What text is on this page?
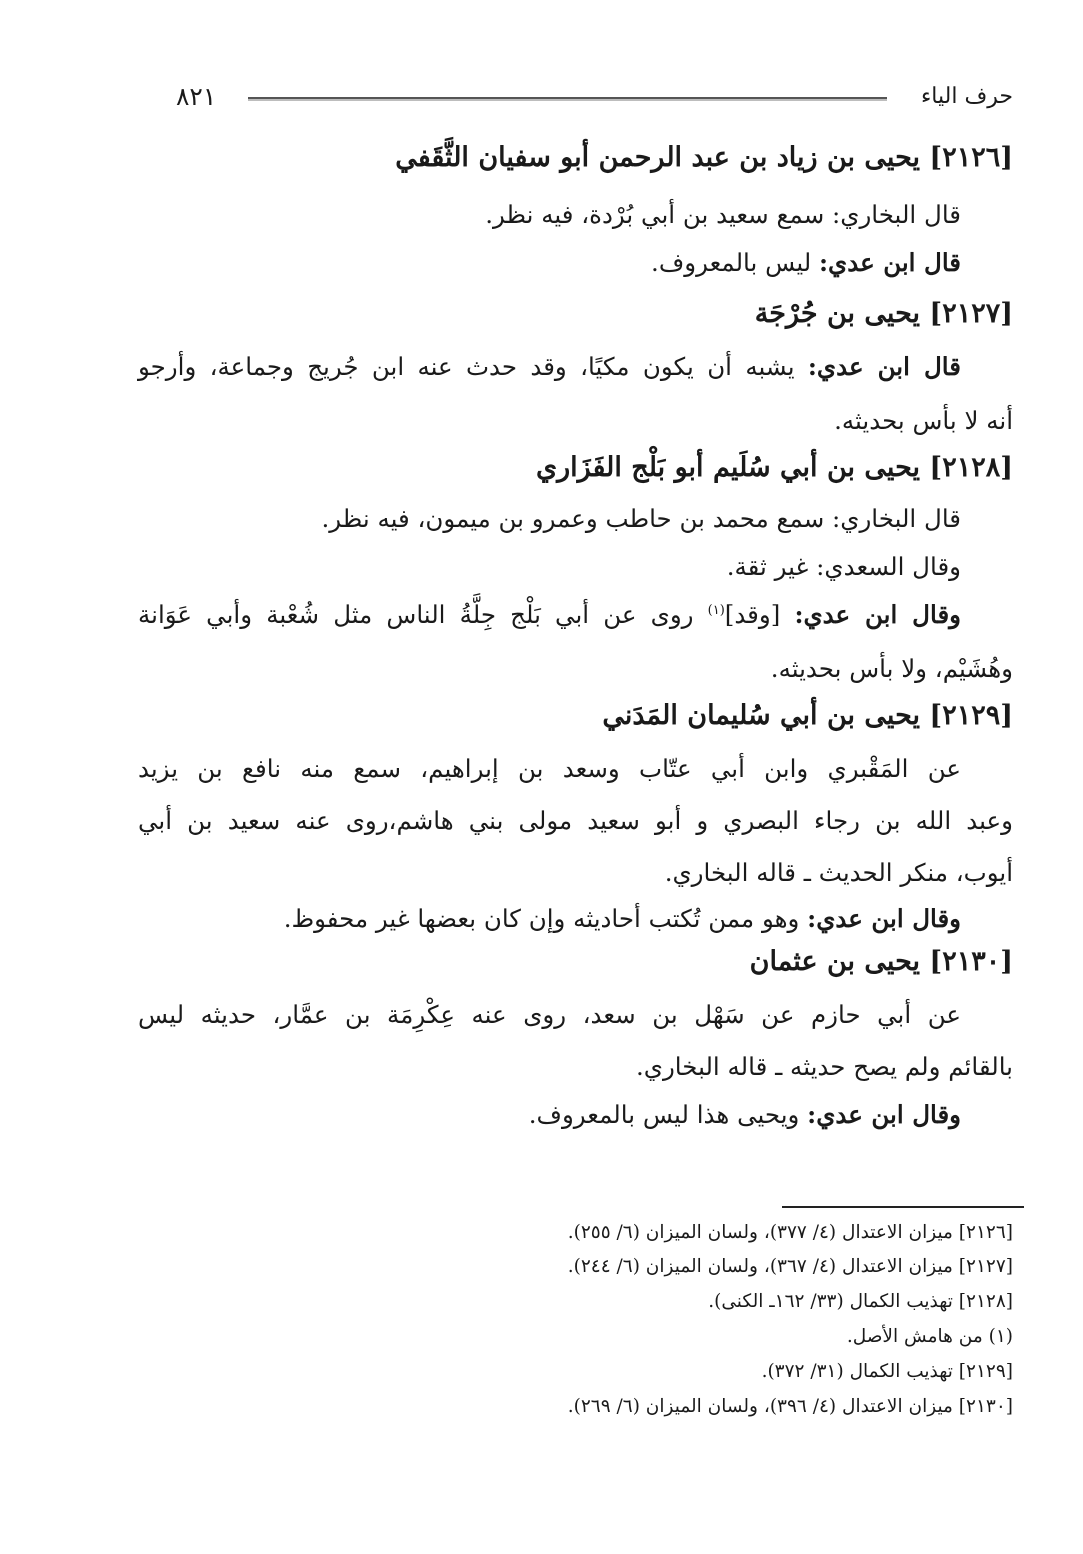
٨٢١	حرف الياء
[٢١٢٦] يحيى بن زياد بن عبد الرحمن أبو سفيان الثَّقَفي
قال البخاري: سمع سعيد بن أبي بُرْدة، فيه نظر.
قال ابن عدي: ليس بالمعروف.
[٢١٢٧] يحيى بن جُرْجَة
قال ابن عدي: يشبه أن يكون مكيًا، وقد حدث عنه ابن جُريج وجماعة، وأرجو
أنه لا بأس بحديثه.
[٢١٢٨] يحيى بن أبي سُلَيم أبو بَلْج الفَزَاري
قال البخاري: سمع محمد بن حاطب وعمرو بن ميمون، فيه نظر.
وقال السعدي: غير ثقة.
وقال ابن عدي: [وقد]$^{(١)}$ روى عن أبي بَلْج جِلَّةُ الناس مثل شُعْبة وأبي عَوَانة
وهُشَيْم، ولا بأس بحديثه.
[٢١٢٩] يحيى بن أبي سُليمان المَدَني
عن المَقْبري وابن أبي عتّاب وسعد بن إبراهيم، سمع منه نافع بن يزيد
وعبد الله بن رجاء البصري و أبو سعيد مولى بني هاشم،روى عنه سعيد بن أبي
أيوب، منكر الحديث ـ قاله البخاري.
وقال ابن عدي: وهو ممن تُكتب أحاديثه وإن كان بعضها غير محفوظ.
[٢١٣٠] يحيى بن عثمان
عن أبي حازم عن سَهْل بن سعد، روى عنه عِكْرِمَة بن عمَّار، حديثه ليس
بالقائم ولم يصح حديثه ـ قاله البخاري.
وقال ابن عدي: ويحيى هذا ليس بالمعروف.
[٢١٢٦] ميزان الاعتدال (٤/ ٣٧٧)، ولسان الميزان (٦/ ٢٥٥).
[٢١٢٧] ميزان الاعتدال (٤/ ٣٦٧)، ولسان الميزان (٦/ ٢٤٤).
[٢١٢٨] تهذيب الكمال (٣٣/ ١٦٢ـ الكنى).
(١) من هامش الأصل.
[٢١٢٩] تهذيب الكمال (٣١/ ٣٧٢).
[٢١٣٠] ميزان الاعتدال (٤/ ٣٩٦)، ولسان الميزان (٦/ ٢٦٩).
